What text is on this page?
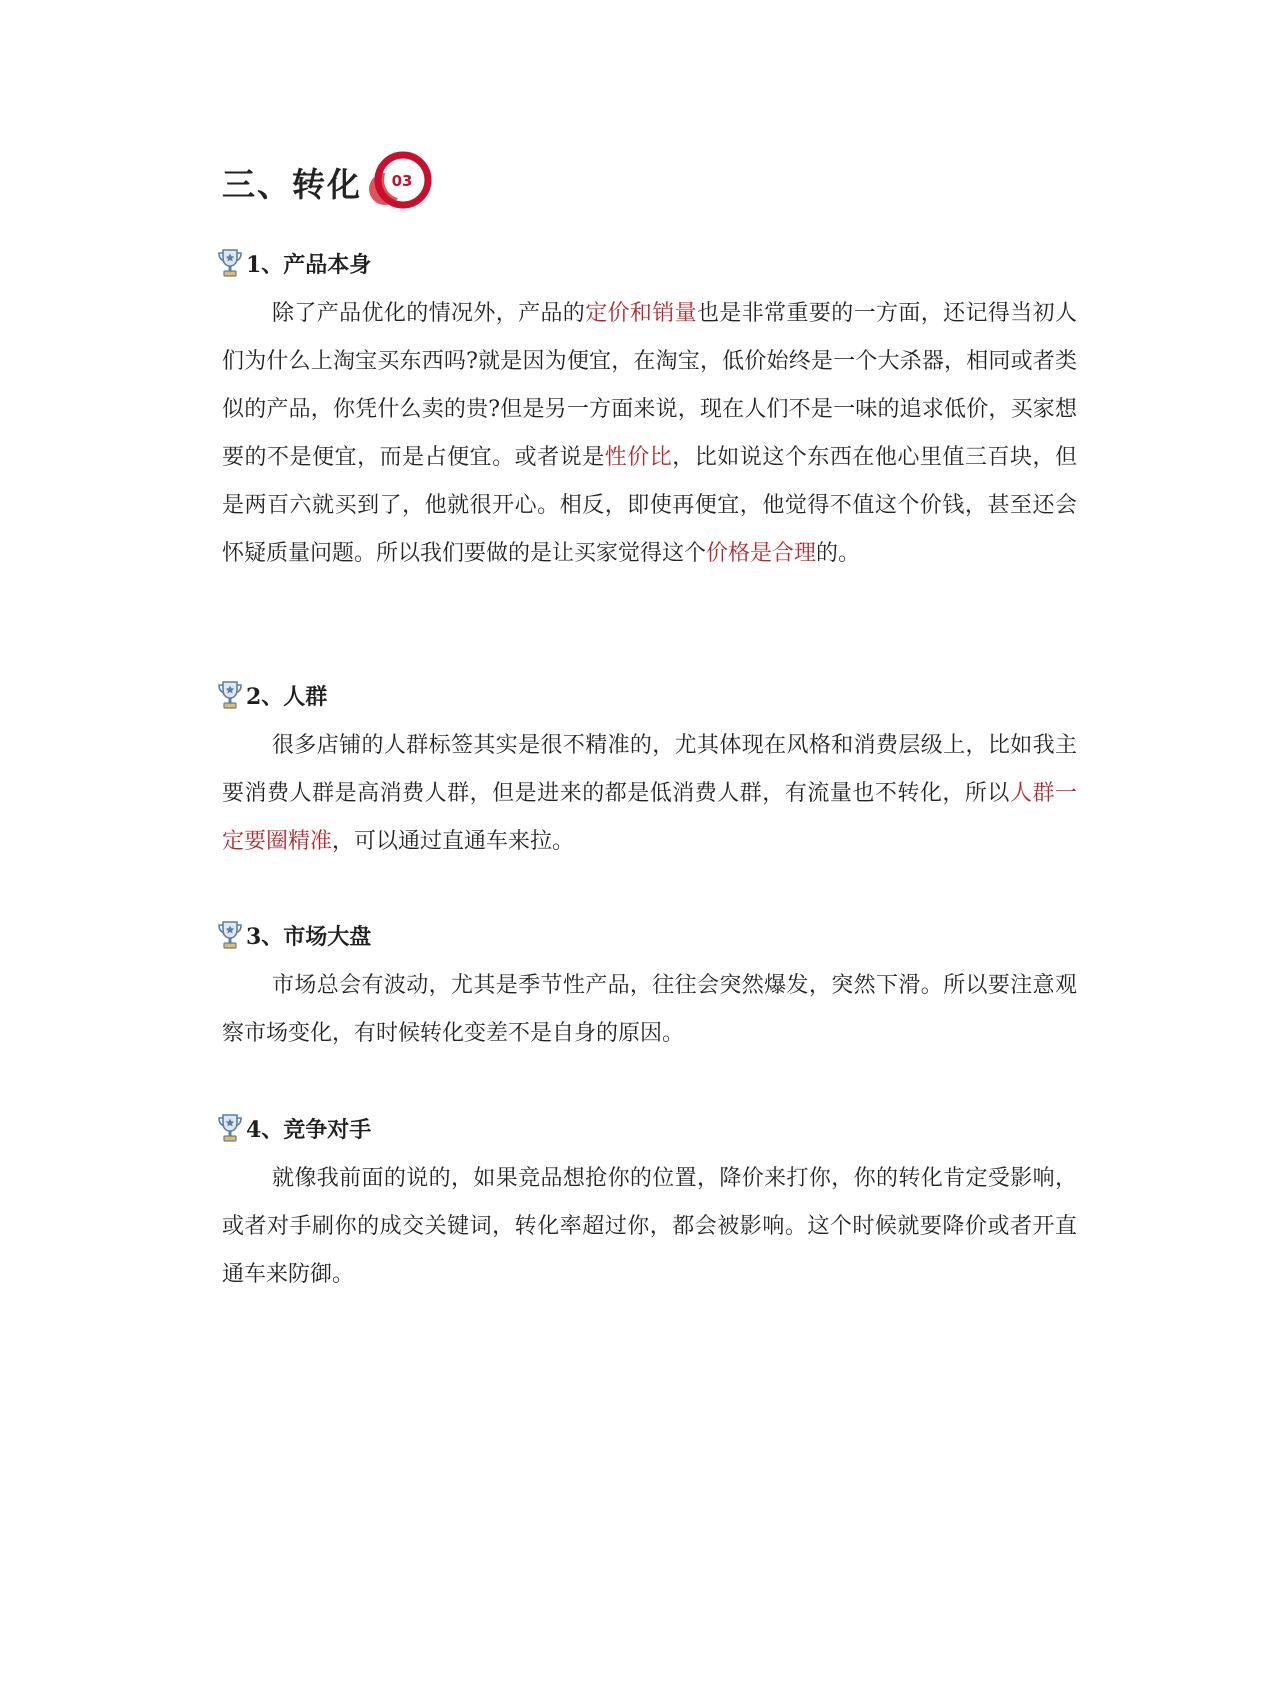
三、转化 03
1、产品本身

除了产品优化的情况外，产品的定价和销量也是非常重要的一方面，还记得当初人们为什么上淘宝买东西吗?就是因为便宜，在淘宝，低价始终是一个大杀器，相同或者类似的产品，你凭什么卖的贵?但是另一方面来说，现在人们不是一味的追求低价，买家想要的不是便宜，而是占便宜。或者说是性价比，比如说这个东西在他心里值三百块，但是两百六就买到了，他就很开心。相反，即使再便宜，他觉得不值这个价钱，甚至还会怀疑质量问题。所以我们要做的是让买家觉得这个价格是合理的。

2、人群

很多店铺的人群标签其实是很不精准的，尤其体现在风格和消费层级上，比如我主要消费人群是高消费人群，但是进来的都是低消费人群，有流量也不转化，所以人群一定要圈精准，可以通过直通车来拉。

3、市场大盘

市场总会有波动，尤其是季节性产品，往往会突然爆发，突然下滑。所以要注意观察市场变化，有时候转化变差不是自身的原因。

4、竞争对手

就像我前面的说的，如果竞品想抢你的位置，降价来打你，你的转化肯定受影响，或者对手刷你的成交关键词，转化率超过你，都会被影响。这个时候就要降价或者开直通车来防御。
